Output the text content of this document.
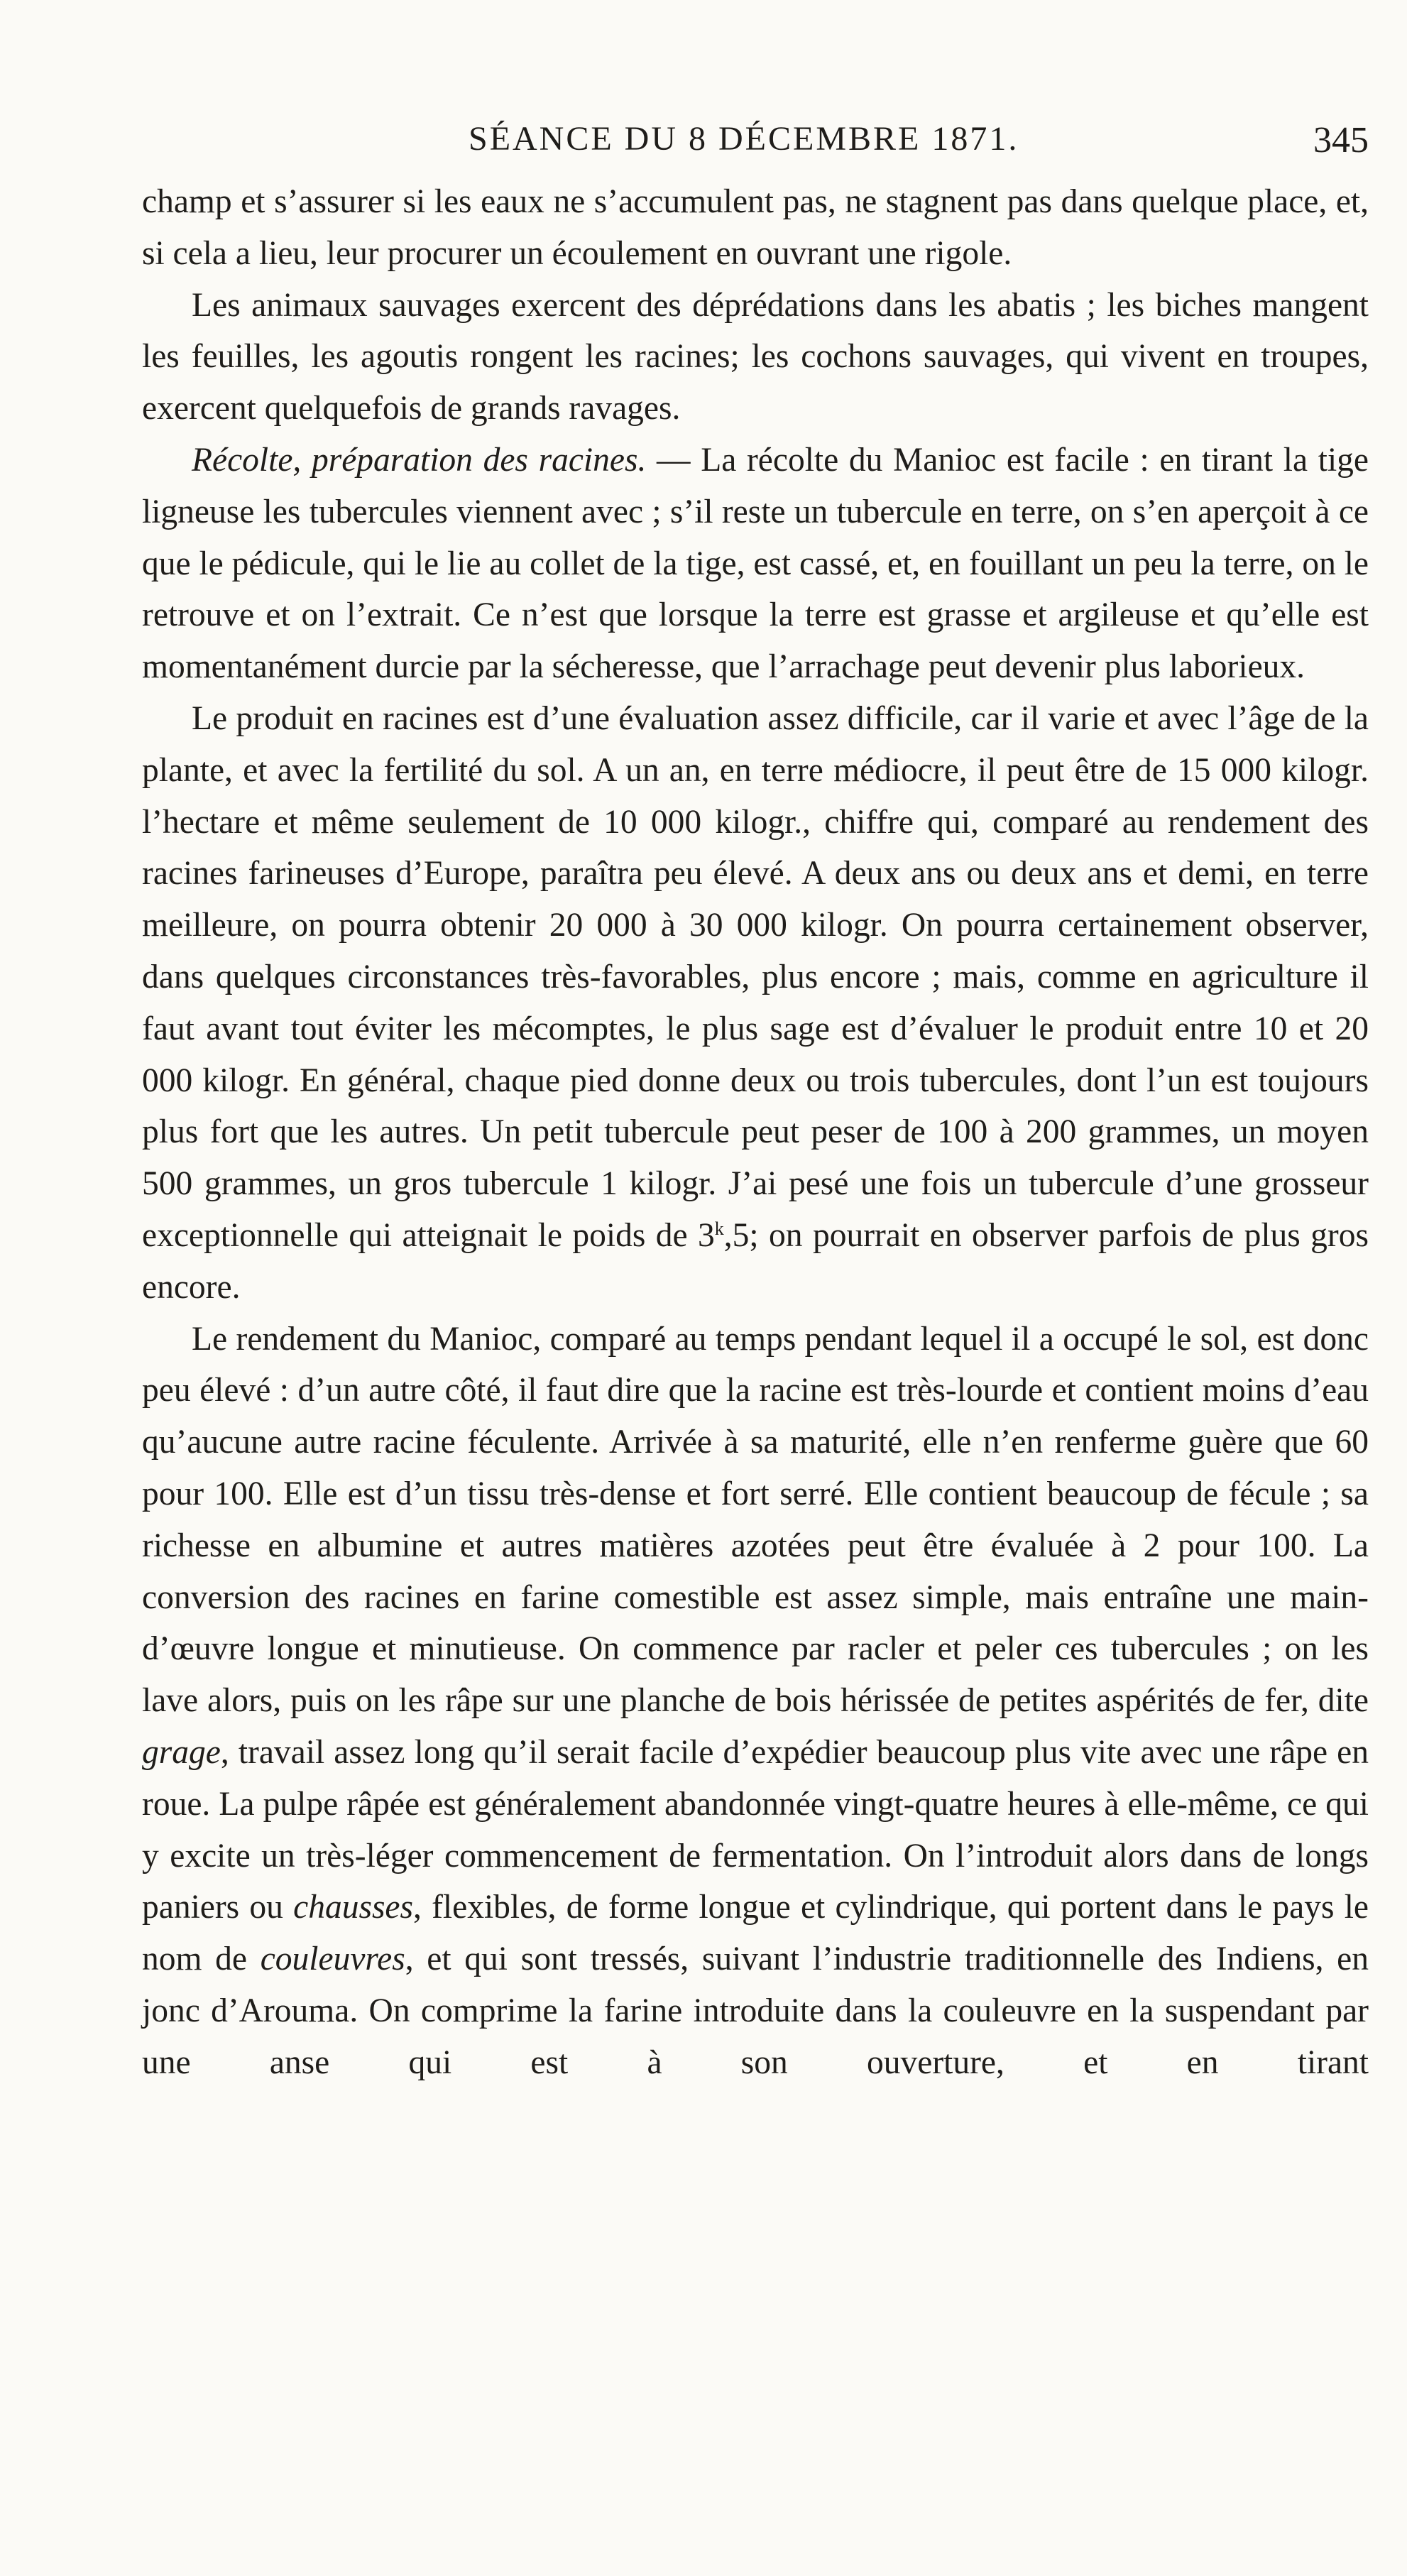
SÉANCE DU 8 DÉCEMBRE 1871.	345

champ et s’assurer si les eaux ne s’accumulent pas, ne stagnent pas dans quelque place, et, si cela a lieu, leur procurer un écoulement en ouvrant une rigole.

Les animaux sauvages exercent des déprédations dans les abatis ; les biches mangent les feuilles, les agoutis rongent les racines; les cochons sauvages, qui vivent en troupes, exercent quelquefois de grands ravages.

Récolte, préparation des racines. — La récolte du Manioc est facile : en tirant la tige ligneuse les tubercules viennent avec ; s’il reste un tubercule en terre, on s’en aperçoit à ce que le pédicule, qui le lie au collet de la tige, est cassé, et, en fouillant un peu la terre, on le retrouve et on l’extrait. Ce n’est que lorsque la terre est grasse et argileuse et qu’elle est momentanément durcie par la sécheresse, que l’arrachage peut devenir plus laborieux.

Le produit en racines est d’une évaluation assez difficile, car il varie et avec l’âge de la plante, et avec la fertilité du sol. A un an, en terre médiocre, il peut être de 15 000 kilogr. l’hectare et même seulement de 10 000 kilogr., chiffre qui, comparé au rendement des racines farineuses d’Europe, paraîtra peu élevé. A deux ans ou deux ans et demi, en terre meilleure, on pourra obtenir 20 000 à 30 000 kilogr. On pourra certainement observer, dans quelques circonstances très-favorables, plus encore ; mais, comme en agriculture il faut avant tout éviter les mécomptes, le plus sage est d’évaluer le produit entre 10 et 20 000 kilogr. En général, chaque pied donne deux ou trois tubercules, dont l’un est toujours plus fort que les autres. Un petit tubercule peut peser de 100 à 200 grammes, un moyen 500 grammes, un gros tubercule 1 kilogr. J’ai pesé une fois un tubercule d’une grosseur exceptionnelle qui atteignait le poids de 3$^k$,5; on pourrait en observer parfois de plus gros encore.

Le rendement du Manioc, comparé au temps pendant lequel il a occupé le sol, est donc peu élevé : d’un autre côté, il faut dire que la racine est très-lourde et contient moins d’eau qu’aucune autre racine féculente. Arrivée à sa maturité, elle n’en renferme guère que 60 pour 100. Elle est d’un tissu très-dense et fort serré. Elle contient beaucoup de fécule ; sa richesse en albumine et autres matières azotées peut être évaluée à 2 pour 100. La conversion des racines en farine comestible est assez simple, mais entraîne une main-d’œuvre longue et minutieuse. On commence par racler et peler ces tubercules ; on les lave alors, puis on les râpe sur une planche de bois hérissée de petites aspérités de fer, dite grage, travail assez long qu’il serait facile d’expédier beaucoup plus vite avec une râpe en roue. La pulpe râpée est généralement abandonnée vingt-quatre heures à elle-même, ce qui y excite un très-léger commencement de fermentation. On l’introduit alors dans de longs paniers ou chausses, flexibles, de forme longue et cylindrique, qui portent dans le pays le nom de couleuvres, et qui sont tressés, suivant l’industrie traditionnelle des Indiens, en jonc d’Arouma. On comprime la farine introduite dans la couleuvre en la suspendant par une anse qui est à son ouverture, et en tirant
